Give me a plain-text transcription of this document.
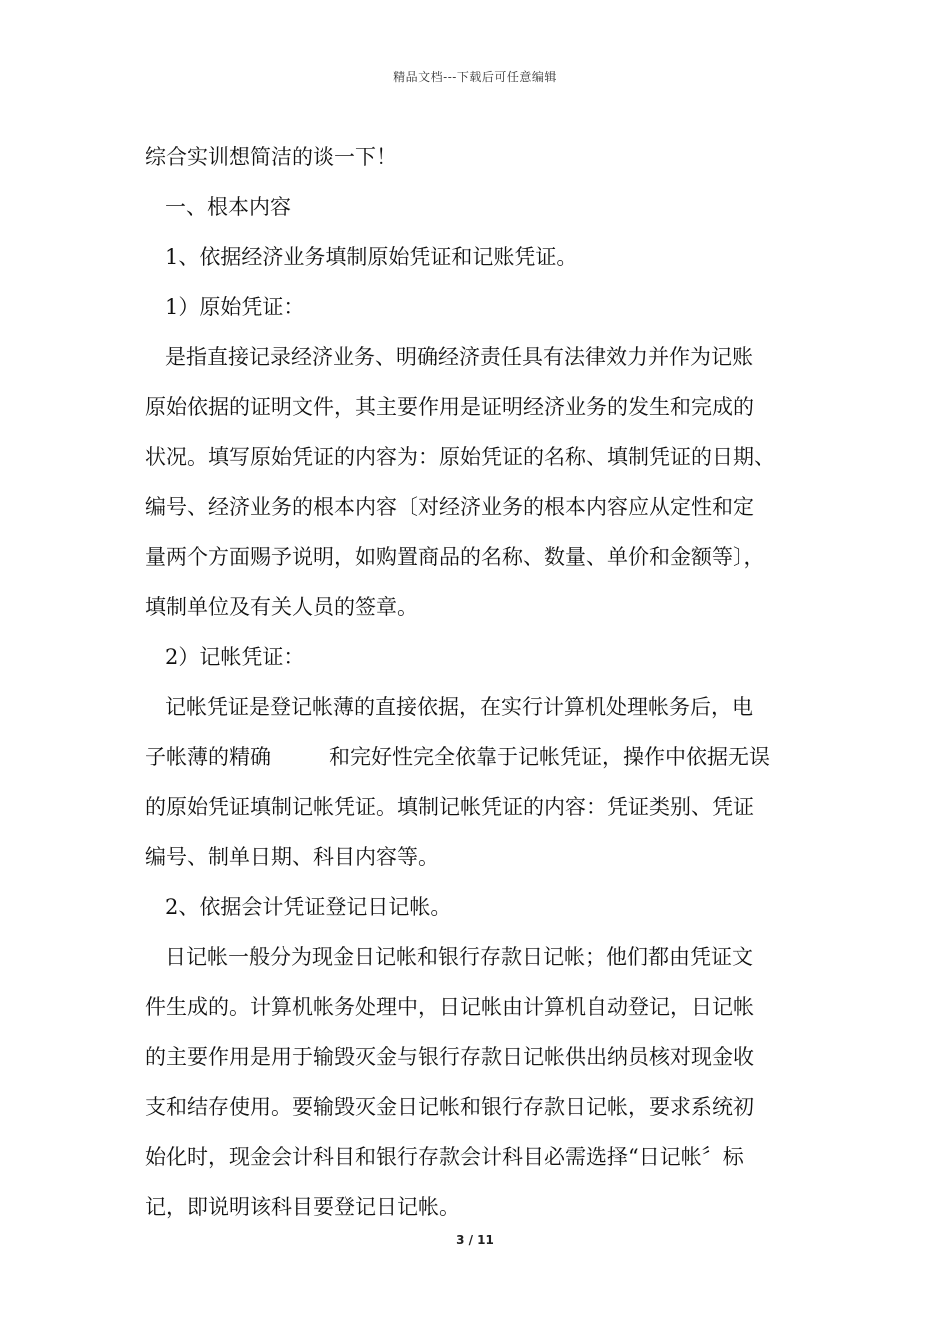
精品文档---下载后可任意编辑
综合实训想简洁的谈一下！
一、根本内容
1、依据经济业务填制原始凭证和记账凭证。
1）原始凭证：
是指直接记录经济业务、明确经济责任具有法律效力并作为记账
原始依据的证明文件，其主要作用是证明经济业务的发生和完成的
状况。填写原始凭证的内容为：原始凭证的名称、填制凭证的日期、
编号、经济业务的根本内容〔对经济业务的根本内容应从定性和定
量两个方面赐予说明，如购置商品的名称、数量、单价和金额等〕，
填制单位及有关人员的签章。
2）记帐凭证：
记帐凭证是登记帐薄的直接依据，在实行计算机处理帐务后，电
子帐薄的精确	和完好性完全依靠于记帐凭证，操作中依据无误
的原始凭证填制记帐凭证。填制记帐凭证的内容：凭证类别、凭证
编号、制单日期、科目内容等。
2、依据会计凭证登记日记帐。
日记帐一般分为现金日记帐和银行存款日记帐；他们都由凭证文
件生成的。计算机帐务处理中，日记帐由计算机自动登记，日记帐
的主要作用是用于输毁灭金与银行存款日记帐供出纳员核对现金收
支和结存使用。要输毁灭金日记帐和银行存款日记帐，要求系统初
始化时，现金会计科目和银行存款会计科目必需选择“日记帐〞标
记，即说明该科目要登记日记帐。
3 / 11
